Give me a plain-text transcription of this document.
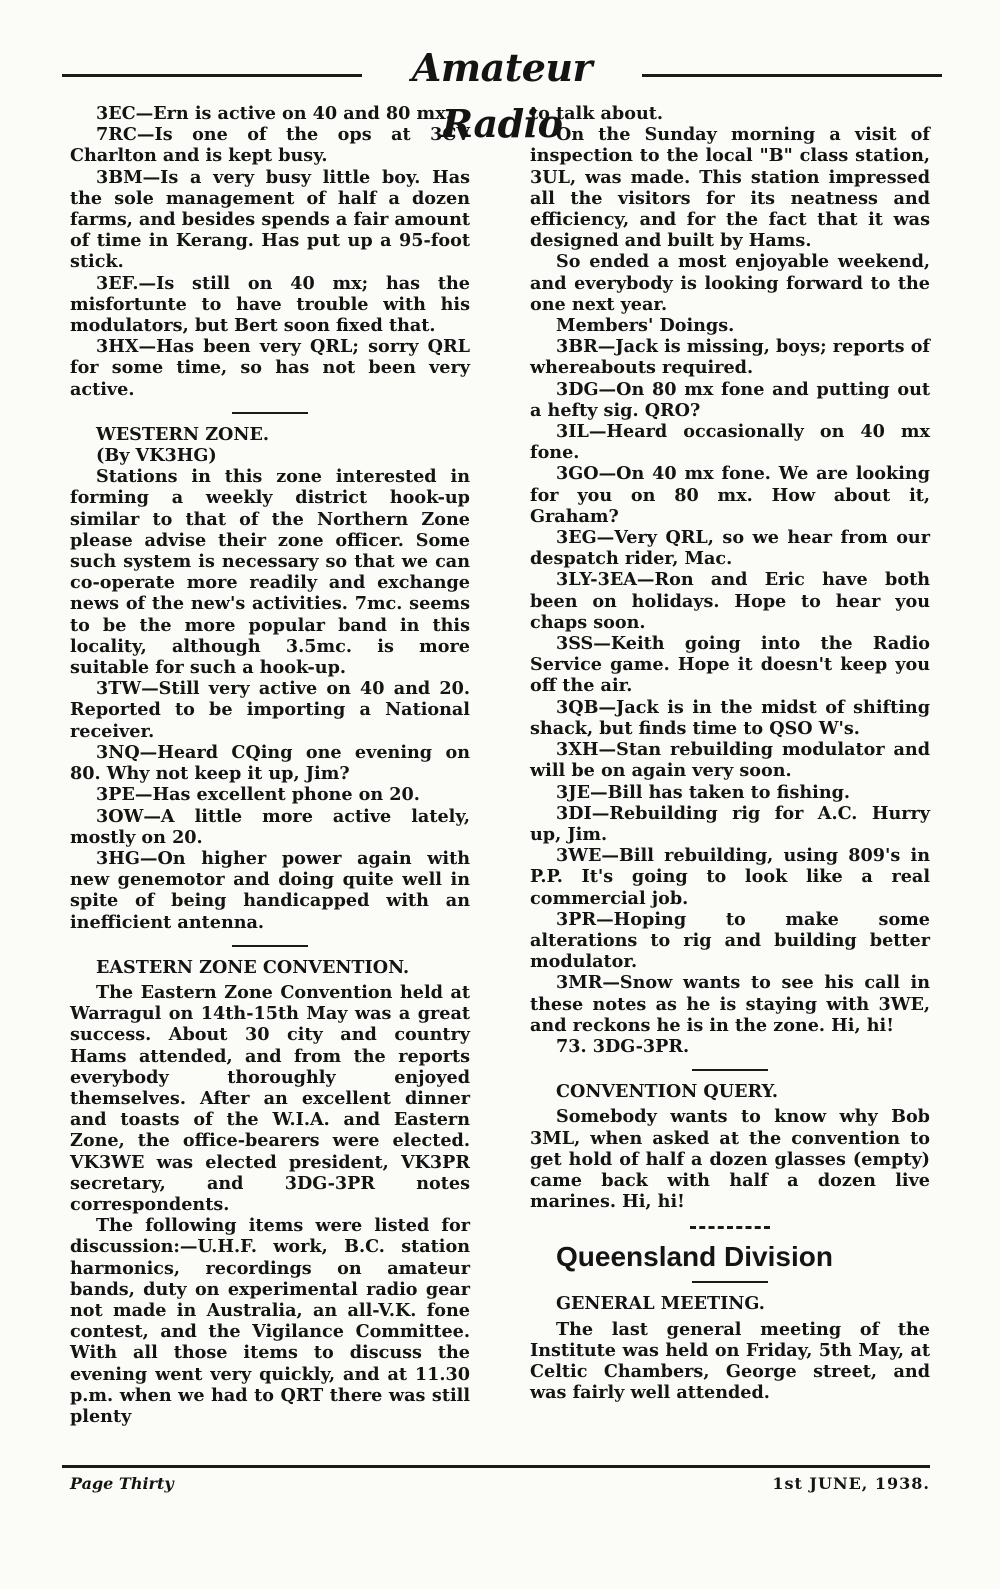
Amateur Radio

3EC—Ern is active on 40 and 80 mx.

7RC—Is one of the ops at 3CV Charlton and is kept busy.

3BM—Is a very busy little boy. Has the sole management of half a dozen farms, and besides spends a fair amount of time in Kerang. Has put up a 95-foot stick.

3EF.—Is still on 40 mx; has the misfortunte to have trouble with his modulators, but Bert soon fixed that.

3HX—Has been very QRL; sorry QRL for some time, so has not been very active.

WESTERN ZONE.

(By VK3HG)

Stations in this zone interested in forming a weekly district hook-up similar to that of the Northern Zone please advise their zone officer. Some such system is necessary so that we can co-operate more readily and exchange news of the new's activities. 7mc. seems to be the more popular band in this locality, although 3.5mc. is more suitable for such a hook-up.

3TW—Still very active on 40 and 20. Reported to be importing a National receiver.

3NQ—Heard CQing one evening on 80. Why not keep it up, Jim?

3PE—Has excellent phone on 20.

3OW—A little more active lately, mostly on 20.

3HG—On higher power again with new genemotor and doing quite well in spite of being handicapped with an inefficient antenna.

EASTERN ZONE CONVENTION.

The Eastern Zone Convention held at Warragul on 14th-15th May was a great success. About 30 city and country Hams attended, and from the reports everybody thoroughly enjoyed themselves. After an excellent dinner and toasts of the W.I.A. and Eastern Zone, the office-bearers were elected. VK3WE was elected president, VK3PR secretary, and 3DG-3PR notes correspondents.

The following items were listed for discussion:—U.H.F. work, B.C. station harmonics, recordings on amateur bands, duty on experimental radio gear not made in Australia, an all-V.K. fone contest, and the Vigilance Committee. With all those items to discuss the evening went very quickly, and at 11.30 p.m. when we had to QRT there was still plenty

to talk about.

On the Sunday morning a visit of inspection to the local "B" class station, 3UL, was made. This station impressed all the visitors for its neatness and efficiency, and for the fact that it was designed and built by Hams.

So ended a most enjoyable weekend, and everybody is looking forward to the one next year.

Members' Doings.

3BR—Jack is missing, boys; reports of whereabouts required.

3DG—On 80 mx fone and putting out a hefty sig. QRO?

3IL—Heard occasionally on 40 mx fone.

3GO—On 40 mx fone. We are looking for you on 80 mx. How about it, Graham?

3EG—Very QRL, so we hear from our despatch rider, Mac.

3LY-3EA—Ron and Eric have both been on holidays. Hope to hear you chaps soon.

3SS—Keith going into the Radio Service game. Hope it doesn't keep you off the air.

3QB—Jack is in the midst of shifting shack, but finds time to QSO W's.

3XH—Stan rebuilding modulator and will be on again very soon.

3JE—Bill has taken to fishing.

3DI—Rebuilding rig for A.C. Hurry up, Jim.

3WE—Bill rebuilding, using 809's in P.P. It's going to look like a real commercial job.

3PR—Hoping to make some alterations to rig and building better modulator.

3MR—Snow wants to see his call in these notes as he is staying with 3WE, and reckons he is in the zone. Hi, hi!

73. 3DG-3PR.

CONVENTION QUERY.

Somebody wants to know why Bob 3ML, when asked at the convention to get hold of half a dozen glasses (empty) came back with half a dozen live marines. Hi, hi!

Queensland Division

GENERAL MEETING.

The last general meeting of the Institute was held on Friday, 5th May, at Celtic Chambers, George street, and was fairly well attended.

Page Thirty	1st JUNE, 1938.
